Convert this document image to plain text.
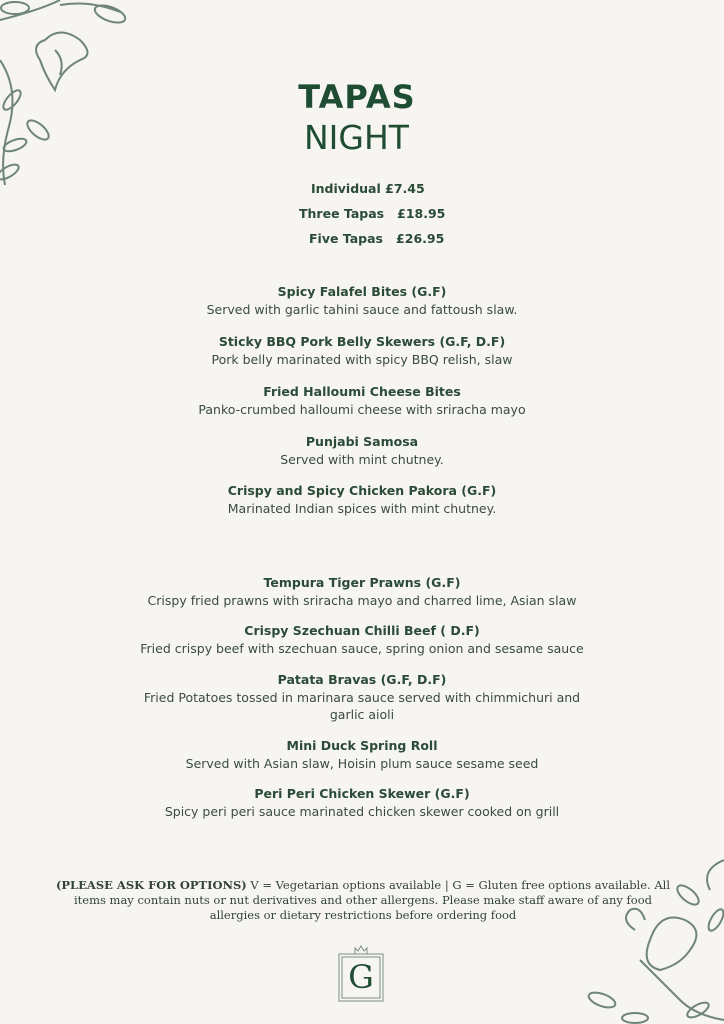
TAPAS
NIGHT
Individual £7.45
Three Tapas £18.95
Five Tapas £26.95
Spicy Falafel Bites (G.F)
Served with garlic tahini sauce and fattoush slaw.
Sticky BBQ Pork Belly Skewers (G.F, D.F)
Pork belly marinated with spicy BBQ relish, slaw
Fried Halloumi Cheese Bites
Panko-crumbed halloumi cheese with sriracha mayo
Punjabi Samosa
Served with mint chutney.
Crispy and Spicy Chicken Pakora (G.F)
Marinated Indian spices with mint chutney.
Tempura Tiger Prawns (G.F)
Crispy fried prawns with sriracha mayo and charred lime, Asian slaw
Crispy Szechuan Chilli Beef ( D.F)
Fried crispy beef with szechuan sauce, spring onion and sesame sauce
Patata Bravas (G.F, D.F)
Fried Potatoes tossed in marinara sauce served with chimmichuri and garlic aioli
Mini Duck Spring Roll
Served with Asian slaw, Hoisin plum sauce sesame seed
Peri Peri Chicken Skewer (G.F)
Spicy peri peri sauce marinated chicken skewer cooked on grill
(PLEASE ASK FOR OPTIONS) V = Vegetarian options available | G = Gluten free options available. All items may contain nuts or nut derivatives and other allergens. Please make staff aware of any food allergies or dietary restrictions before ordering food
G
